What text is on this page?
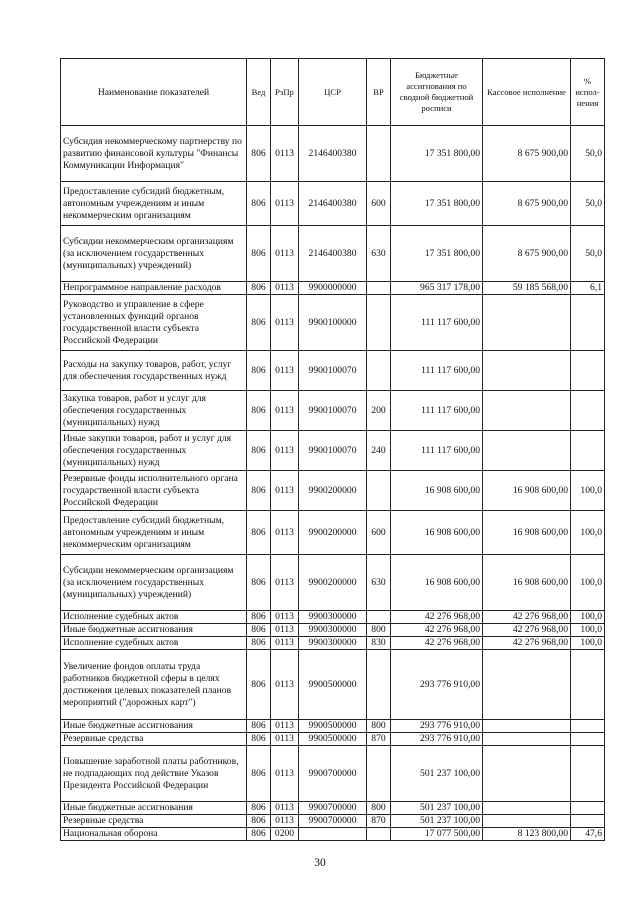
Наименование показателей	Вед	РзПр	ЦСР	ВР	Бюджетные ассигнования по сводной бюджетной росписи	Кассовое исполнение	% испол-нения
Субсидия некоммерческому партнерству по развитию финансовой культуры "Финансы Коммуникации Информация"	806	0113	2146400380		17 351 800,00	8 675 900,00	50,0
Предоставление субсидий бюджетным, автономным учреждениям и иным некоммерческим организациям	806	0113	2146400380	600	17 351 800,00	8 675 900,00	50,0
Субсидии некоммерческим организациям (за исключением государственных (муниципальных) учреждений)	806	0113	2146400380	630	17 351 800,00	8 675 900,00	50,0
Непрограммное направление расходов	806	0113	9900000000		965 317 178,00	59 185 568,00	6,1
Руководство и управление в сфере установленных функций органов государственной власти субъекта Российской Федерации	806	0113	9900100000		111 117 600,00		
Расходы на закупку товаров, работ, услуг для обеспечения государственных нужд	806	0113	9900100070		111 117 600,00		
Закупка товаров, работ и услуг для обеспечения государственных (муниципальных) нужд	806	0113	9900100070	200	111 117 600,00		
Иные закупки товаров, работ и услуг для обеспечения государственных (муниципальных) нужд	806	0113	9900100070	240	111 117 600,00		
Резервные фонды исполнительного органа государственной власти субъекта Российской Федерации	806	0113	9900200000		16 908 600,00	16 908 600,00	100,0
Предоставление субсидий бюджетным, автономным учреждениям и иным некоммерческим организациям	806	0113	9900200000	600	16 908 600,00	16 908 600,00	100,0
Субсидии некоммерческим организациям (за исключением государственных (муниципальных) учреждений)	806	0113	9900200000	630	16 908 600,00	16 908 600,00	100,0
Исполнение судебных актов	806	0113	9900300000		42 276 968,00	42 276 968,00	100,0
Иные бюджетные ассигнования	806	0113	9900300000	800	42 276 968,00	42 276 968,00	100,0
Исполнение судебных актов	806	0113	9900300000	830	42 276 968,00	42 276 968,00	100,0
Увеличение фондов оплаты труда работников бюджетной сферы в целях достижения целевых показателей планов мероприятий ("дорожных карт")	806	0113	9900500000		293 776 910,00		
Иные бюджетные ассигнования	806	0113	9900500000	800	293 776 910,00		
Резервные средства	806	0113	9900500000	870	293 776 910,00		
Повышение заработной платы работников, не подпадающих под действие Указов Президента Российской Федерации	806	0113	9900700000		501 237 100,00		
Иные бюджетные ассигнования	806	0113	9900700000	800	501 237 100,00		
Резервные средства	806	0113	9900700000	870	501 237 100,00		
Национальная оборона	806	0200			17 077 500,00	8 123 800,00	47,6
30
